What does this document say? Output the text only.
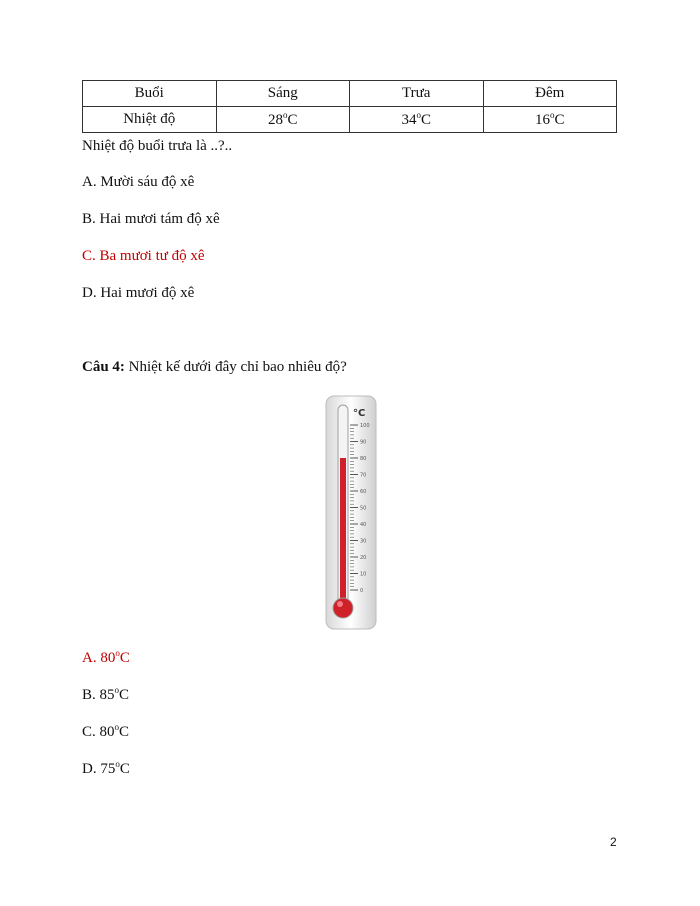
Buổi	Sáng	Trưa	Đêm
Nhiệt độ	28$^o$C	34$^o$C	16$^o$C
Nhiệt độ buổi trưa là ..?..
A. Mười sáu độ xê
B. Hai mươi tám độ xê
C. Ba mươi tư độ xê
D. Hai mươi độ xê
Câu 4: Nhiệt kế dưới đây chỉ bao nhiêu độ?
°C
100
90
80
70
60
50
40
30
20
10
0
A. 80$^o$C
B. 85$^o$C
C. 80$^o$C
D. 75$^o$C
2
